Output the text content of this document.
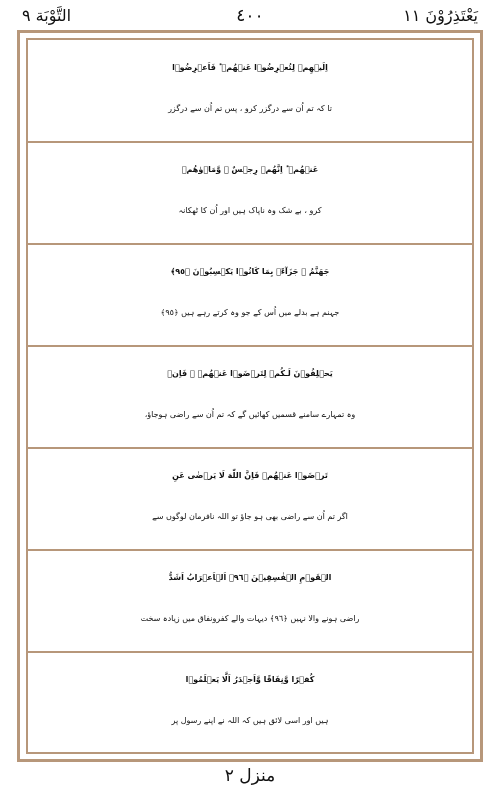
التَّوْبَة ٩	٤٠٠	يَعْتَذِرُوْنَ ١١
اِلَيۡهِمۡ لِتُعۡرِضُوۡا عَنۡهُمۡ ؕ فَاَعۡرِضُوۡا
تا کہ تم اُن سے درگزر کرو ، پس تم اُن سے درگزر
عَنۡهُمۡ ؕ اِنَّهُمۡ رِجۡسٌ ۫ وَّمَاۡوٰهُمۡ
کرو ، بے شک وہ ناپاک ہیں اور اُن کا ٹھکانہ
جَهَنَّمُ ۚ جَزَآءًۢ بِمَا كَانُوۡا يَكۡسِبُوۡنَ ﴿٩٥﴾
جہنم ہے بدلے میں اُس کے جو وہ کرتے رہے ہیں ﴿٩٥﴾
يَحۡلِفُوۡنَ لَـكُمۡ لِتَرۡضَوۡا عَنۡهُمۡ ۚ فَاِنۡ
وہ تمہارے سامنے قسمیں کھائیں گے کہ تم اُن سے راضی ہوجاؤ،
تَرۡضَوۡا عَنۡهُمۡ فَاِنَّ اللّٰهَ لَا يَرۡضٰى عَنِ
اگر تم اُن سے راضی بھی ہو جاؤ تو اللہ نافرمان لوگوں سے
الۡقَوۡمِ الۡفٰسِقِيۡنَ ﴿٩٦﴾ اَلۡاَعۡرَابُ اَشَدُّ
راضی ہونے والا نہیں ﴿٩٦﴾ دیہات والے کفرونفاق میں زیادہ سخت
كُفۡرًا وَّنِفَاقًا وَّاَجۡدَرُ اَلَّا يَعۡلَمُوۡا
ہیں اور اسی لائق ہیں کہ اللہ نے اپنے رسول پر
منزل ٢
